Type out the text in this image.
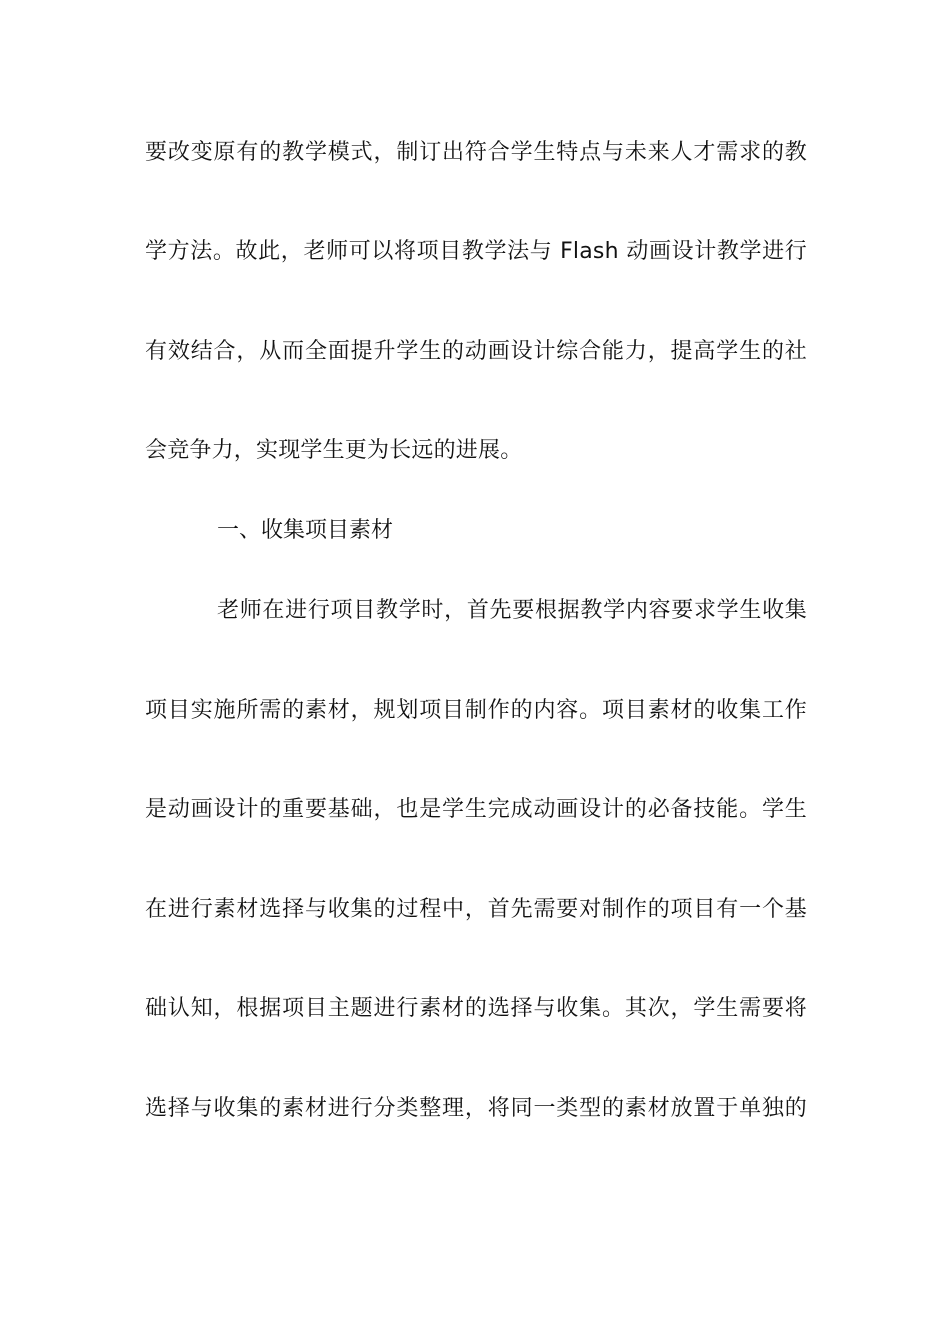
要改变原有的教学模式，制订出符合学生特点与未来人才需求的教
学方法。故此，老师可以将项目教学法与 Flash 动画设计教学进行
有效结合，从而全面提升学生的动画设计综合能力，提高学生的社
会竞争力，实现学生更为长远的进展。
一、收集项目素材
老师在进行项目教学时，首先要根据教学内容要求学生收集
项目实施所需的素材，规划项目制作的内容。项目素材的收集工作
是动画设计的重要基础，也是学生完成动画设计的必备技能。学生
在进行素材选择与收集的过程中，首先需要对制作的项目有一个基
础认知，根据项目主题进行素材的选择与收集。其次，学生需要将
选择与收集的素材进行分类整理，将同一类型的素材放置于单独的
